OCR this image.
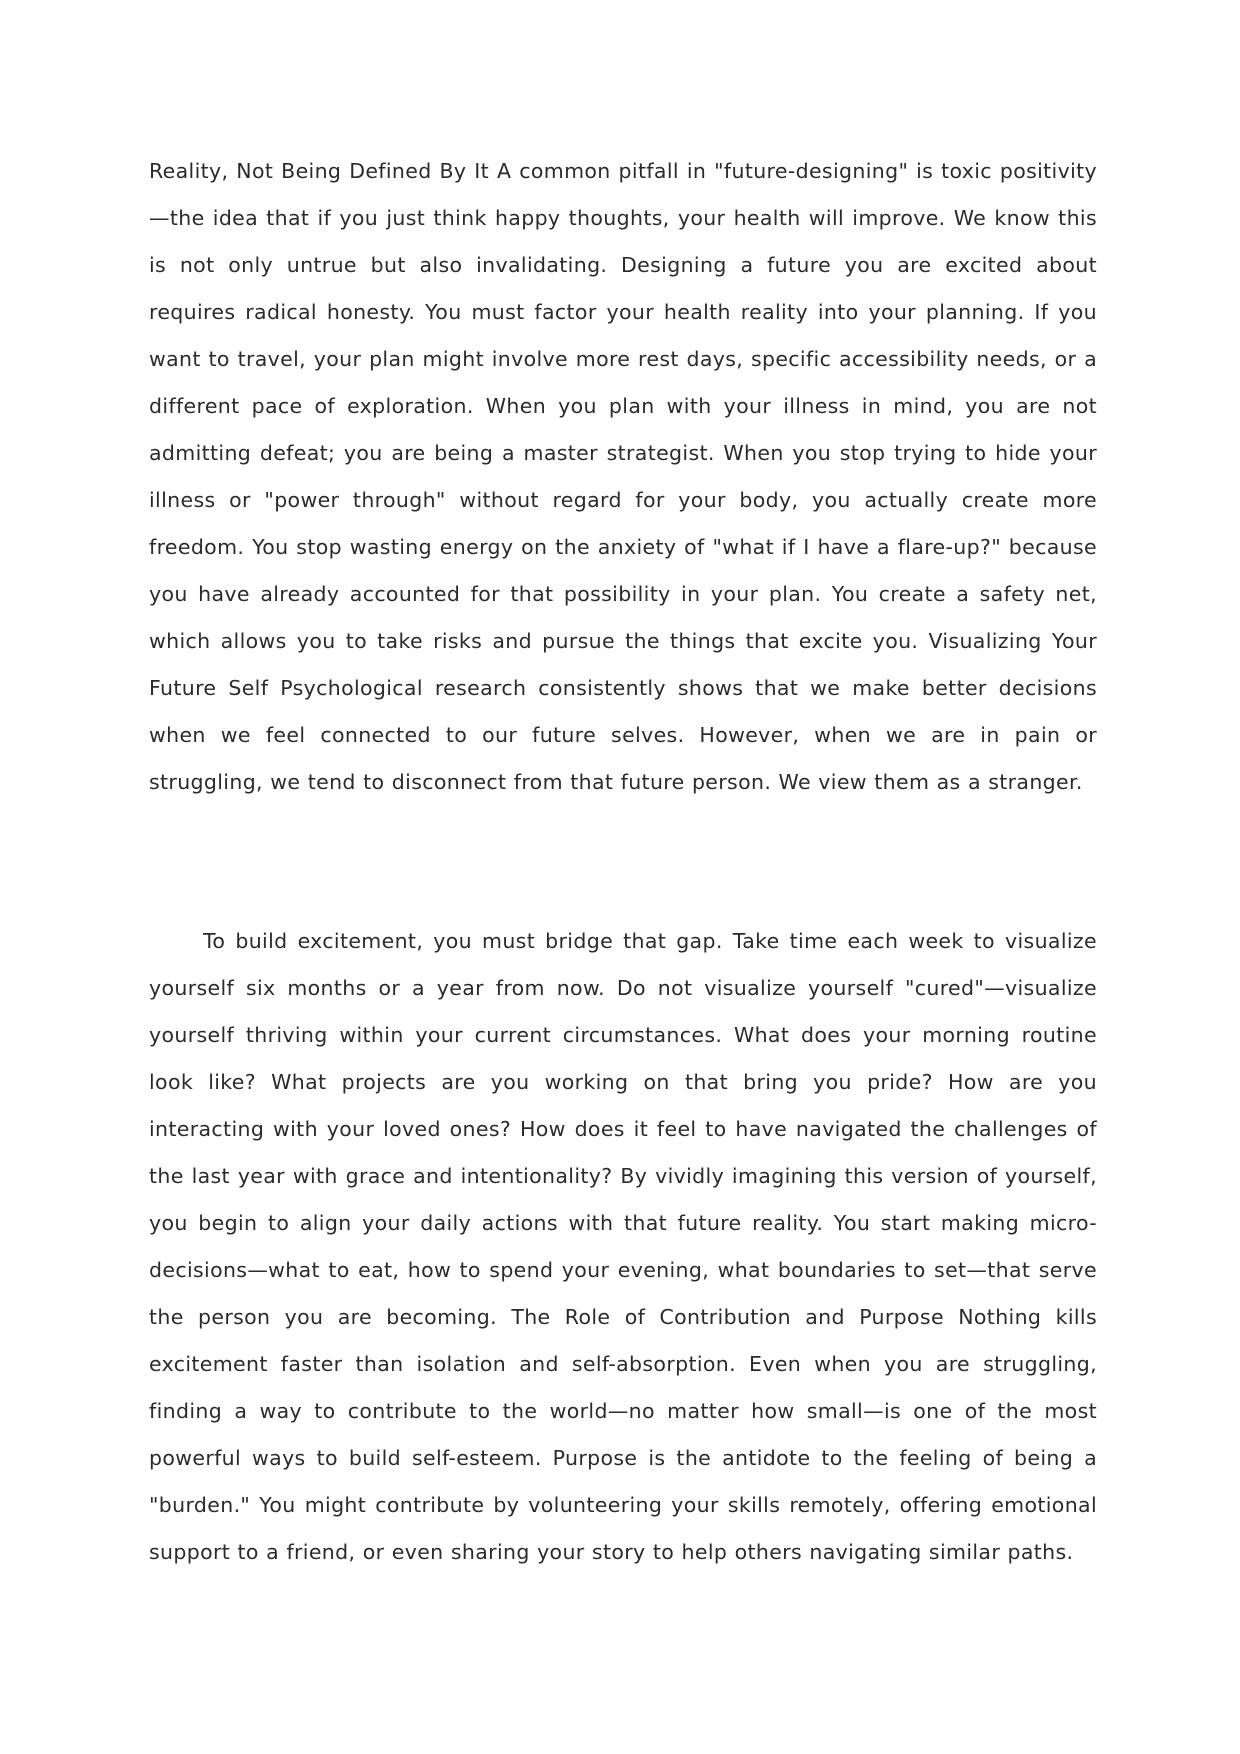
Reality, Not Being Defined By It A common pitfall in "future-designing" is toxic positivity—the idea that if you just think happy thoughts, your health will improve. We know this is not only untrue but also invalidating. Designing a future you are excited about requires radical honesty. You must factor your health reality into your planning. If you want to travel, your plan might involve more rest days, specific accessibility needs, or a different pace of exploration. When you plan with your illness in mind, you are not admitting defeat; you are being a master strategist. When you stop trying to hide your illness or "power through" without regard for your body, you actually create more freedom. You stop wasting energy on the anxiety of "what if I have a flare-up?" because you have already accounted for that possibility in your plan. You create a safety net, which allows you to take risks and pursue the things that excite you. Visualizing Your Future Self Psychological research consistently shows that we make better decisions when we feel connected to our future selves. However, when we are in pain or struggling, we tend to disconnect from that future person. We view them as a stranger.

To build excitement, you must bridge that gap. Take time each week to visualize yourself six months or a year from now. Do not visualize yourself "cured"—visualize yourself thriving within your current circumstances. What does your morning routine look like? What projects are you working on that bring you pride? How are you interacting with your loved ones? How does it feel to have navigated the challenges of the last year with grace and intentionality? By vividly imagining this version of yourself, you begin to align your daily actions with that future reality. You start making micro-decisions—what to eat, how to spend your evening, what boundaries to set—that serve the person you are becoming. The Role of Contribution and Purpose Nothing kills excitement faster than isolation and self-absorption. Even when you are struggling, finding a way to contribute to the world—no matter how small—is one of the most powerful ways to build self-esteem. Purpose is the antidote to the feeling of being a "burden." You might contribute by volunteering your skills remotely, offering emotional support to a friend, or even sharing your story to help others navigating similar paths.
